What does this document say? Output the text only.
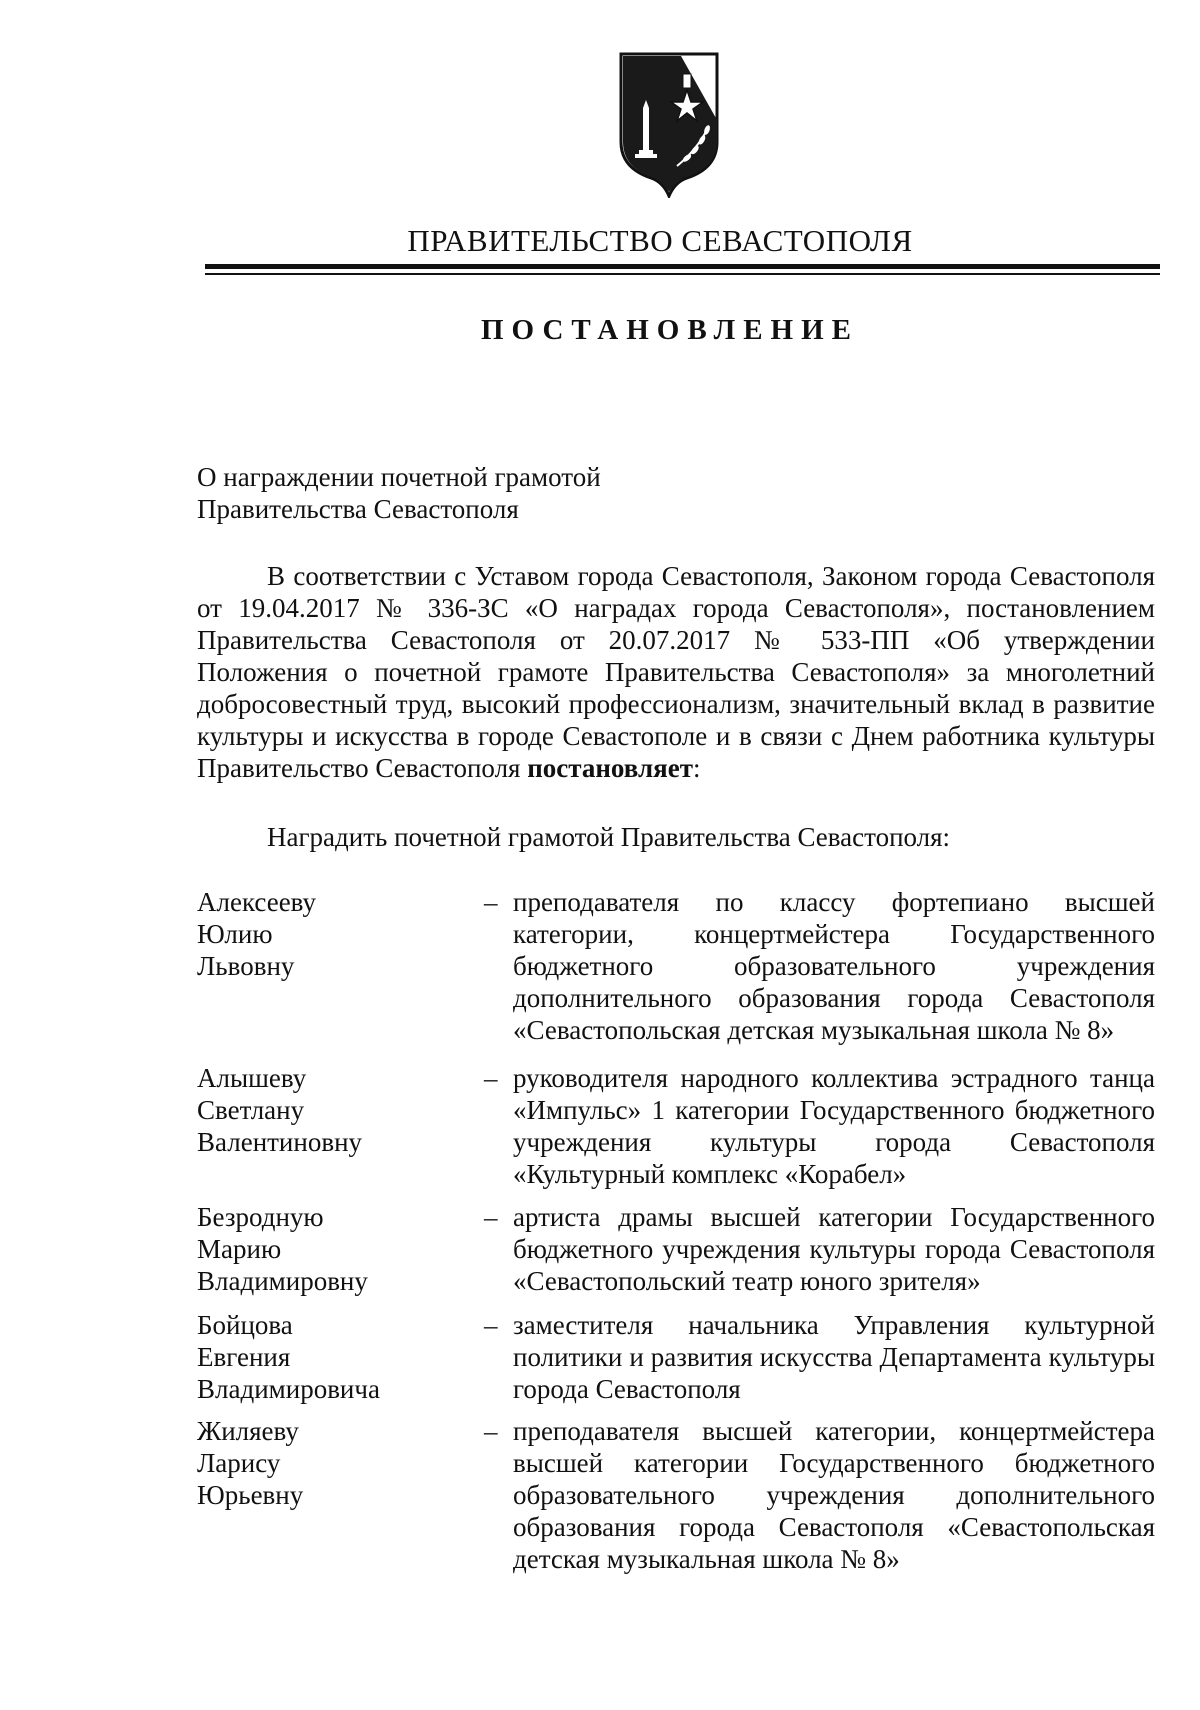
ПРАВИТЕЛЬСТВО СЕВАСТОПОЛЯ
ПОСТАНОВЛЕНИЕ
О награждении почетной грамотой
Правительства Севастополя

В соответствии с Уставом города Севастополя, Законом города Севастополя от 19.04.2017 № 336-ЗС «О наградах города Севастополя», постановлением Правительства Севастополя от 20.07.2017 № 533-ПП «Об утверждении Положения о почетной грамоте Правительства Севастополя» за многолетний добросовестный труд, высокий профессионализм, значительный вклад в развитие культуры и искусства в городе Севастополе и в связи с Днем работника культуры Правительство Севастополя постановляет:

Наградить почетной грамотой Правительства Севастополя:

Алексееву
Юлию
Львовну
– преподавателя по классу фортепиано высшей категории, концертмейстера Государственного бюджетного образовательного учреждения дополнительного образования города Севастополя «Севастопольская детская музыкальная школа № 8»
Алышеву
Светлану
Валентиновну
– руководителя народного коллектива эстрадного танца «Импульс» 1 категории Государственного бюджетного учреждения культуры города Севастополя «Культурный комплекс «Корабел»
Безродную
Марию
Владимировну
– артиста драмы высшей категории Государственного бюджетного учреждения культуры города Севастополя «Севастопольский театр юного зрителя»
Бойцова
Евгения
Владимировича
– заместителя начальника Управления культурной политики и развития искусства Департамента культуры города Севастополя
Жиляеву
Ларису
Юрьевну
– преподавателя высшей категории, концертмейстера высшей категории Государственного бюджетного образовательного учреждения дополнительного образования города Севастополя «Севастопольская детская музыкальная школа № 8»
